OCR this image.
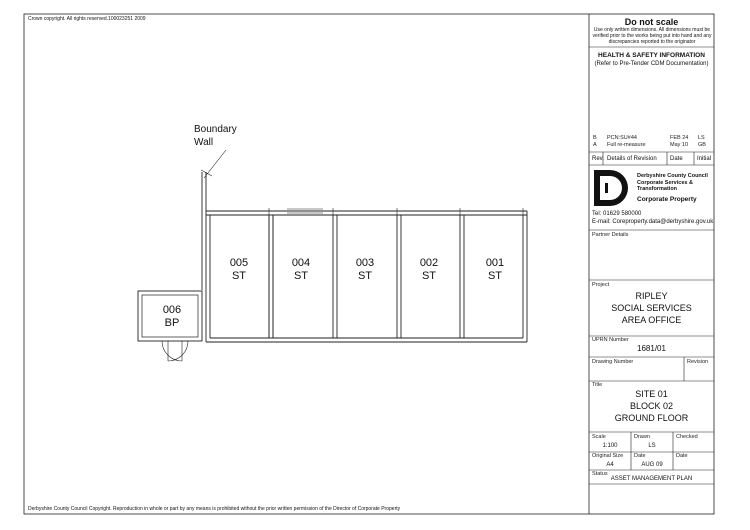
Crown copyright. All rights reserved.100023251 2009
Derbyshire County Council Copyright. Reproduction in whole or part by any means is prohibited without the prior written permission of the Director of Corporate Property
Boundary
Wall
005
ST
004
ST
003
ST
002
ST
001
ST
006
BP
Do not scale
Use only written dimensions. All dimensions must be verified prior to the works being put into hand and any discrepancies reported to the originator
HEALTH & SAFETY INFORMATION
(Refer to Pre-Tender CDM Documentation)
B PCN:SU#44	FEB 24 LS
A Full re-measure	May 10 GB
Rev. Details of Revision Date Initial
Derbyshire County Council
Corporate Services &
Transformation
Corporate Property
Tel: 01629 580000
E-mail: Coreproperty.data@derbyshire.gov.uk
Partner Details
Project
RIPLEY
SOCIAL SERVICES
AREA OFFICE
UPRN Number
1681/01
Drawing Number	Revision
Title
SITE 01
BLOCK 02
GROUND FLOOR
Scale
1:100
Drawn
LS
Checked
Original Size
A4
Date
AUG 09
Date
Status
ASSET MANAGEMENT PLAN
